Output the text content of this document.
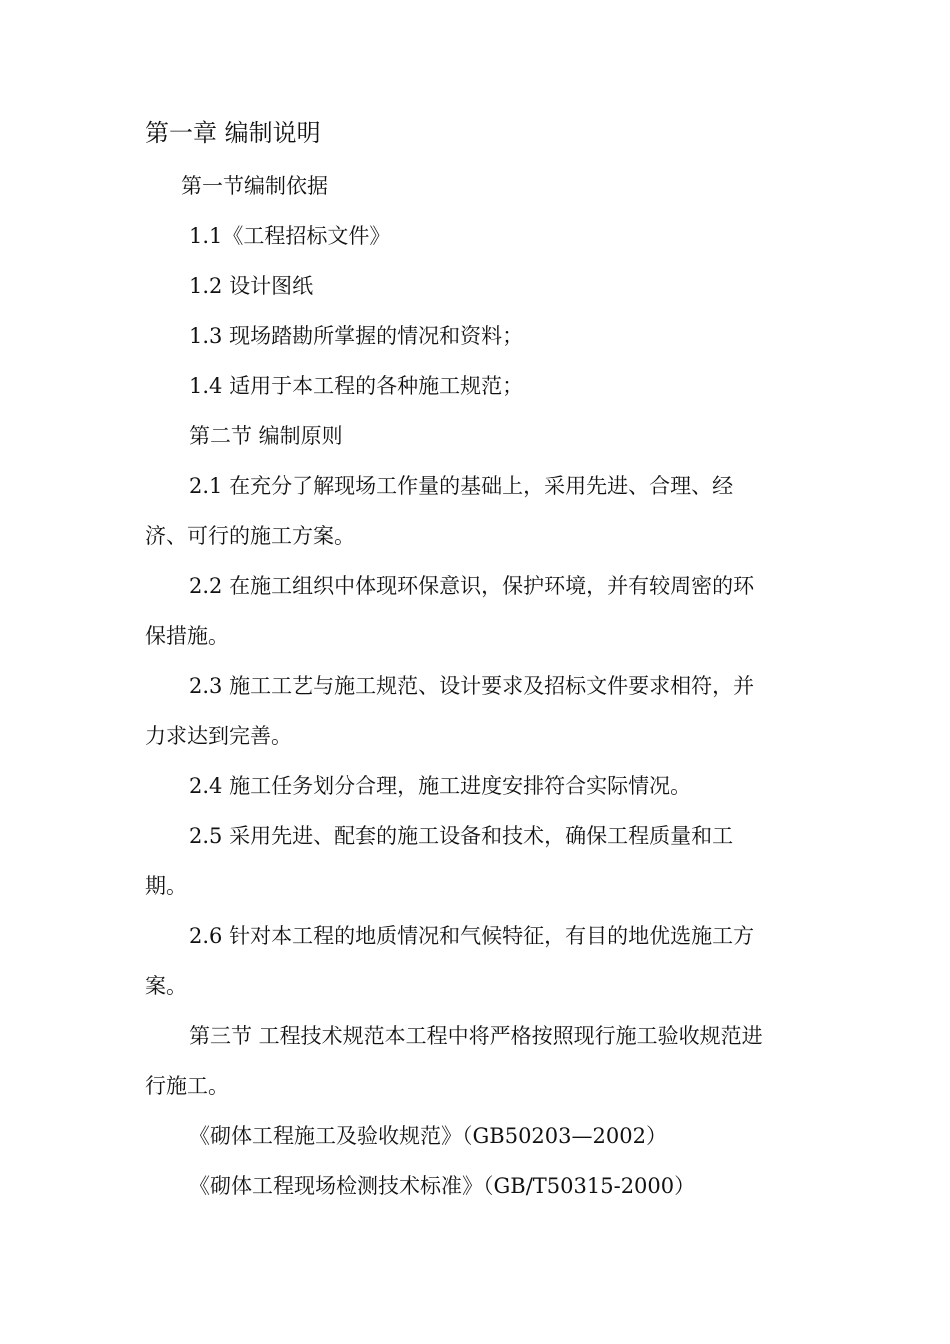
第一章 编制说明
第一节编制依据
1.1《工程招标文件》
1.2 设计图纸
1.3 现场踏勘所掌握的情况和资料；
1.4 适用于本工程的各种施工规范；
第二节 编制原则
2.1 在充分了解现场工作量的基础上，采用先进、合理、经
济、可行的施工方案。
2.2 在施工组织中体现环保意识，保护环境，并有较周密的环
保措施。
2.3 施工工艺与施工规范、设计要求及招标文件要求相符，并
力求达到完善。
2.4 施工任务划分合理，施工进度安排符合实际情况。
2.5 采用先进、配套的施工设备和技术，确保工程质量和工
期。
2.6 针对本工程的地质情况和气候特征，有目的地优选施工方
案。
第三节 工程技术规范本工程中将严格按照现行施工验收规范进
行施工。
《砌体工程施工及验收规范》（GB50203—2002）
《砌体工程现场检测技术标准》（GB/T50315-2000）
